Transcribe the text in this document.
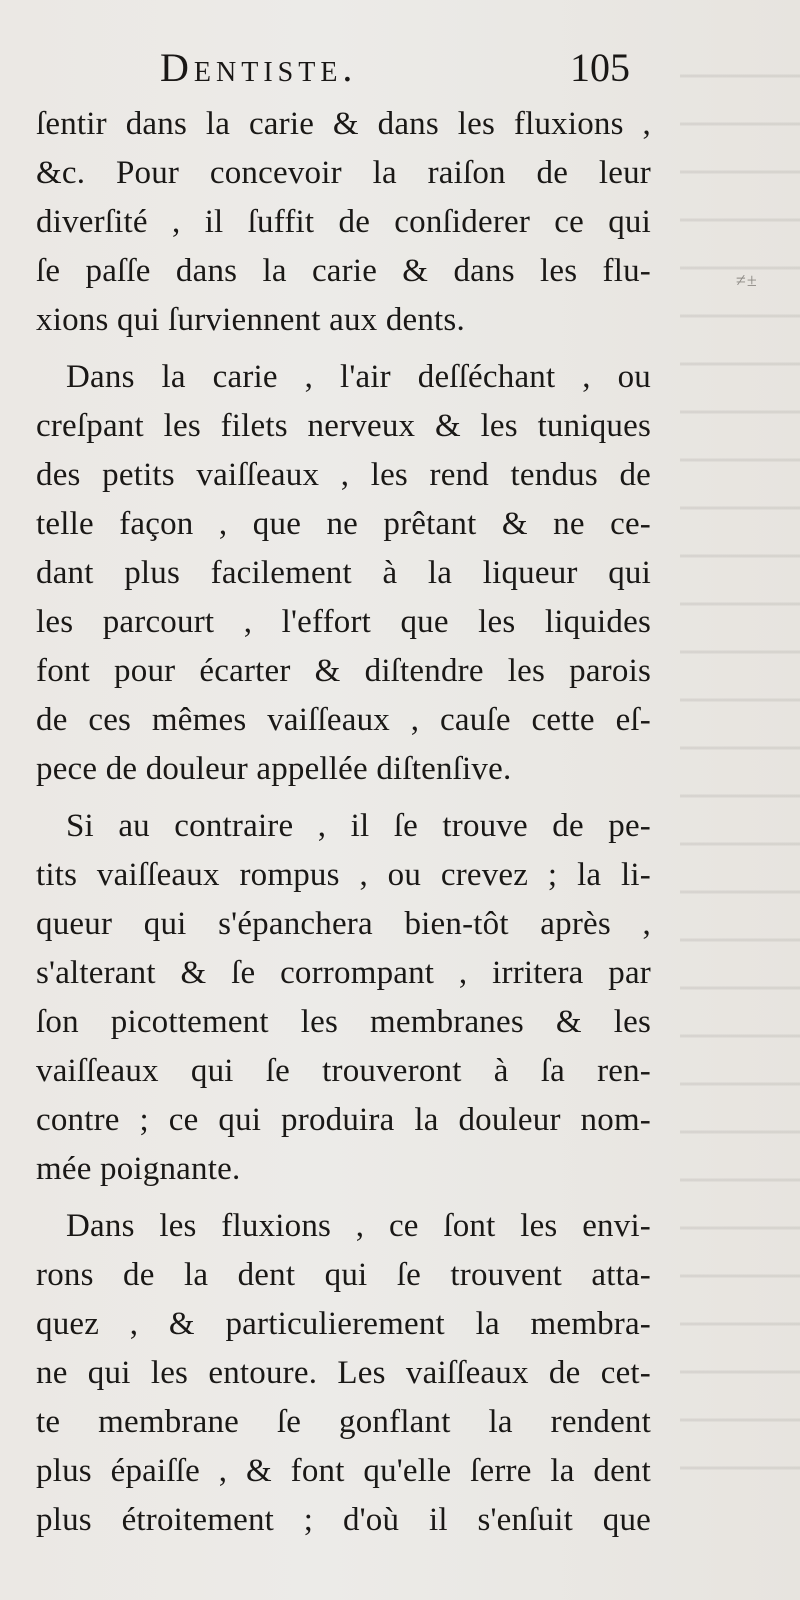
≠±
Dentiste.	105
ſentir dans la carie & dans les fluxions ,
&c. Pour concevoir la raiſon de leur
diverſité , il ſuffit de conſiderer ce qui
ſe paſſe dans la carie & dans les flu-
xions qui ſurviennent aux dents.
Dans la carie , l'air deſſéchant , ou
creſpant les filets nerveux & les tuniques
des petits vaiſſeaux , les rend tendus de
telle façon , que ne prêtant & ne ce-
dant plus facilement à la liqueur qui
les parcourt , l'effort que les liquides
font pour écarter & diſtendre les parois
de ces mêmes vaiſſeaux , cauſe cette eſ-
pece de douleur appellée diſtenſive.
Si au contraire , il ſe trouve de pe-
tits vaiſſeaux rompus , ou crevez ; la li-
queur qui s'épanchera bien-tôt après ,
s'alterant & ſe corrompant , irritera par
ſon picottement les membranes & les
vaiſſeaux qui ſe trouveront à ſa ren-
contre ; ce qui produira la douleur nom-
mée poignante.
Dans les fluxions , ce ſont les envi-
rons de la dent qui ſe trouvent atta-
quez , & particulierement la membra-
ne qui les entoure. Les vaiſſeaux de cet-
te membrane ſe gonflant la rendent
plus épaiſſe , & font qu'elle ſerre la dent
plus étroitement ; d'où il s'enſuit que
